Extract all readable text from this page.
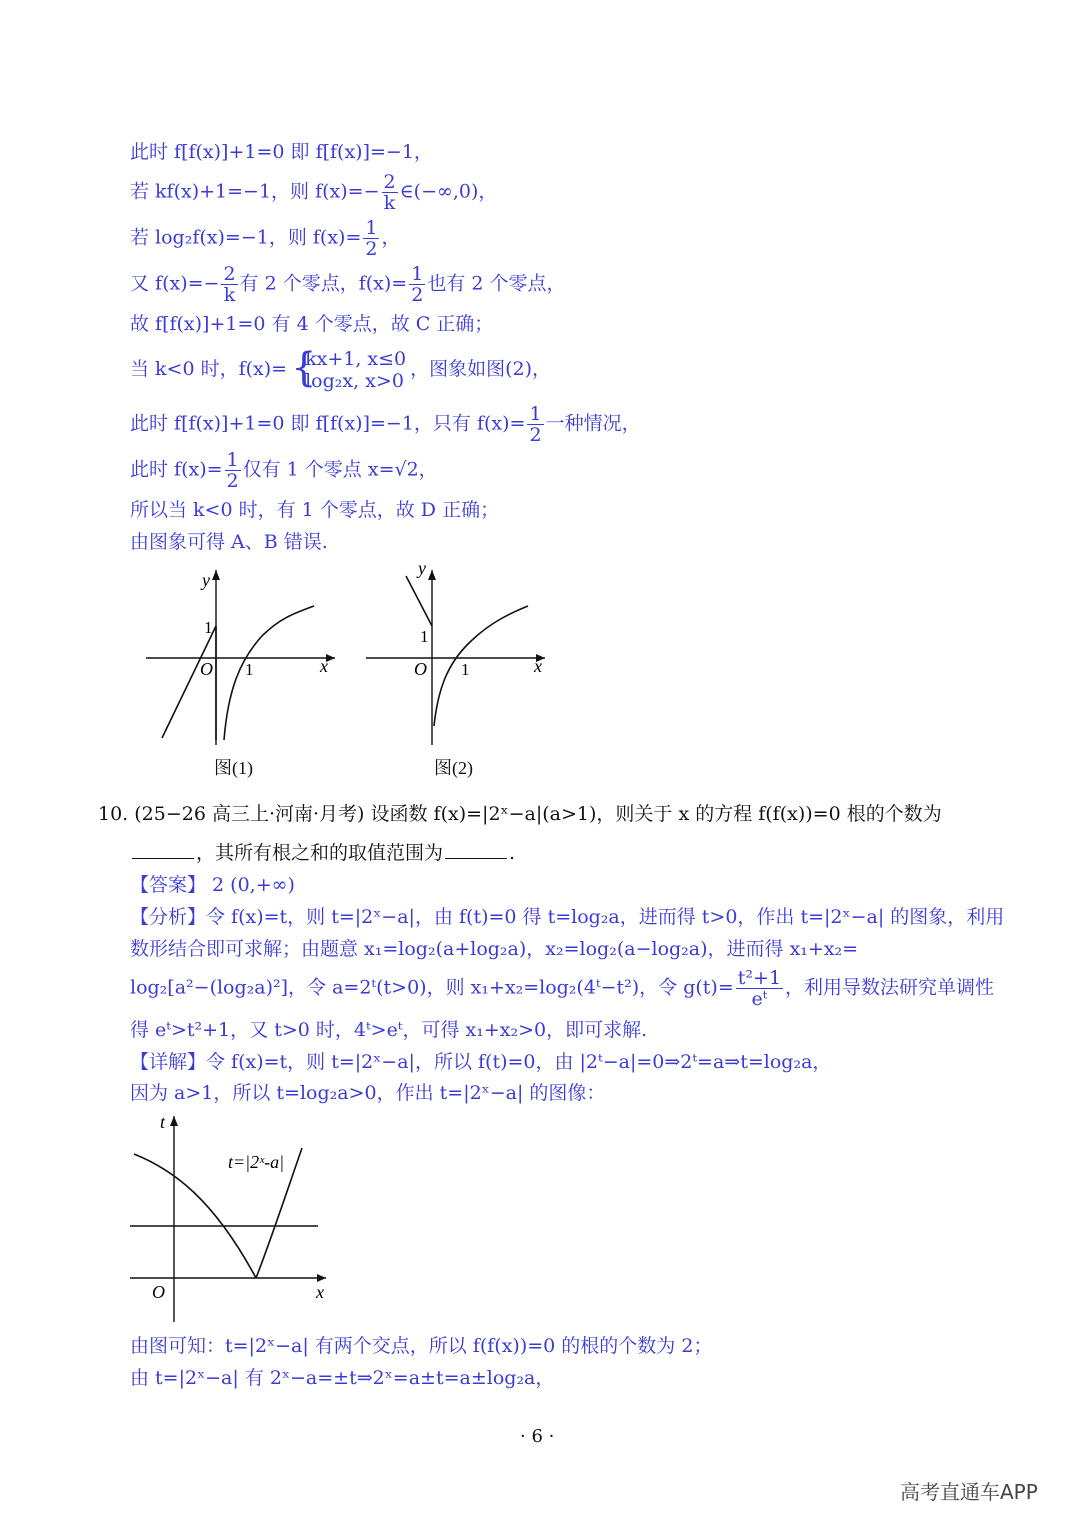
此时 f[f(x)]+1=0 即 f[f(x)]=−1，
若 kf(x)+1=−1，则 $f(x)=- \frac{2}{k}$ ∈(−∞,0)，
若 log₂f(x)=−1，则 $f(x)= \frac{1}{2}$ ，
又 $f(x)=- \frac{2}{k}$ 有 2 个零点，$f(x)= \frac{1}{2}$ 也有 2 个零点，
故 f[f(x)]+1=0 有 4 个零点，故 C 正确；
当 k<0 时，f(x)= {
kx+1, x≤0
log₂x, x>0
，图象如图(2)，
此时 f[f(x)]+1=0 即 f[f(x)]=−1，只有 $f(x)= \frac{1}{2}$ 一种情况，
此时 $f(x)= \frac{1}{2}$ 仅有 1 个零点 x=√2，
所以当 k<0 时，有 1 个零点，故 D 正确；
由图象可得 A、B 错误.
y
x
O
1
1
图(1)
y
x
O
1
1
图(2)
10. (25−26 高三上·河南·月考) 设函数 f(x)=|2ˣ−a|(a>1)，则关于 x 的方程 f(f(x))=0 根的个数为
，其所有根之和的取值范围为	.
【答案】 2 (0,+∞)
【分析】令 f(x)=t，则 t=|2ˣ−a|，由 f(t)=0 得 t=log₂a，进而得 t>0，作出 t=|2ˣ−a| 的图象，利用
数形结合即可求解；由题意 x₁=log₂(a+log₂a)，x₂=log₂(a−log₂a)，进而得 x₁+x₂=
log₂[a²−(log₂a)²]，令 a=2ᵗ(t>0)，则 x₁+x₂=log₂(4ᵗ−t²)，令 $g(t)= \frac{\text{t²+1}}{\text{eᵗ}}$ ，利用导数法研究单调性
得 eᵗ>t²+1，又 t>0 时，4ᵗ>eᵗ，可得 x₁+x₂>0，即可求解.
【详解】令 f(x)=t，则 t=|2ˣ−a|，所以 f(t)=0，由 |2ᵗ−a|=0⇒2ᵗ=a⇒t=log₂a，
因为 a>1，所以 t=log₂a>0，作出 t=|2ˣ−a| 的图像：
t
x
O
t=|2ˣ-a|
由图可知：t=|2ˣ−a| 有两个交点，所以 f(f(x))=0 的根的个数为 2；
由 t=|2ˣ−a| 有 2ˣ−a=±t⇒2ˣ=a±t=a±log₂a，
· 6 ·
高考直通车APP
